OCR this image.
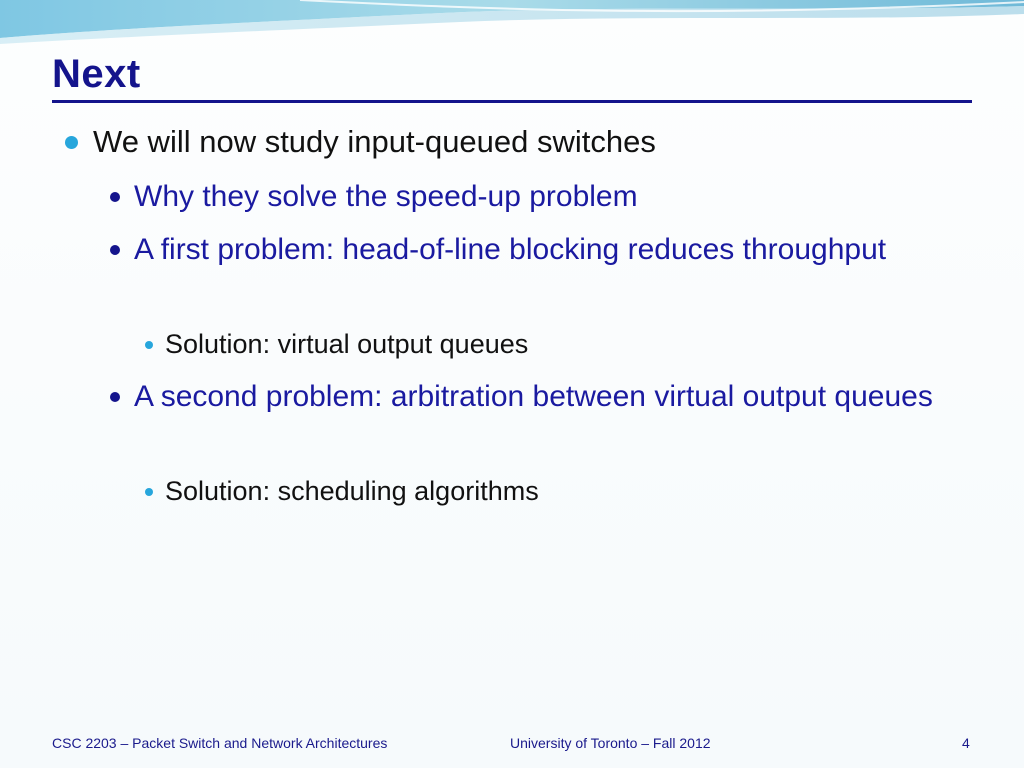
Next
We will now study input-queued switches
Why they solve the speed-up problem
A first problem: head-of-line blocking reduces throughput
Solution: virtual output queues
A second problem: arbitration between virtual output queues
Solution: scheduling algorithms
CSC 2203 – Packet Switch and Network Architectures	University of Toronto – Fall 2012	4
